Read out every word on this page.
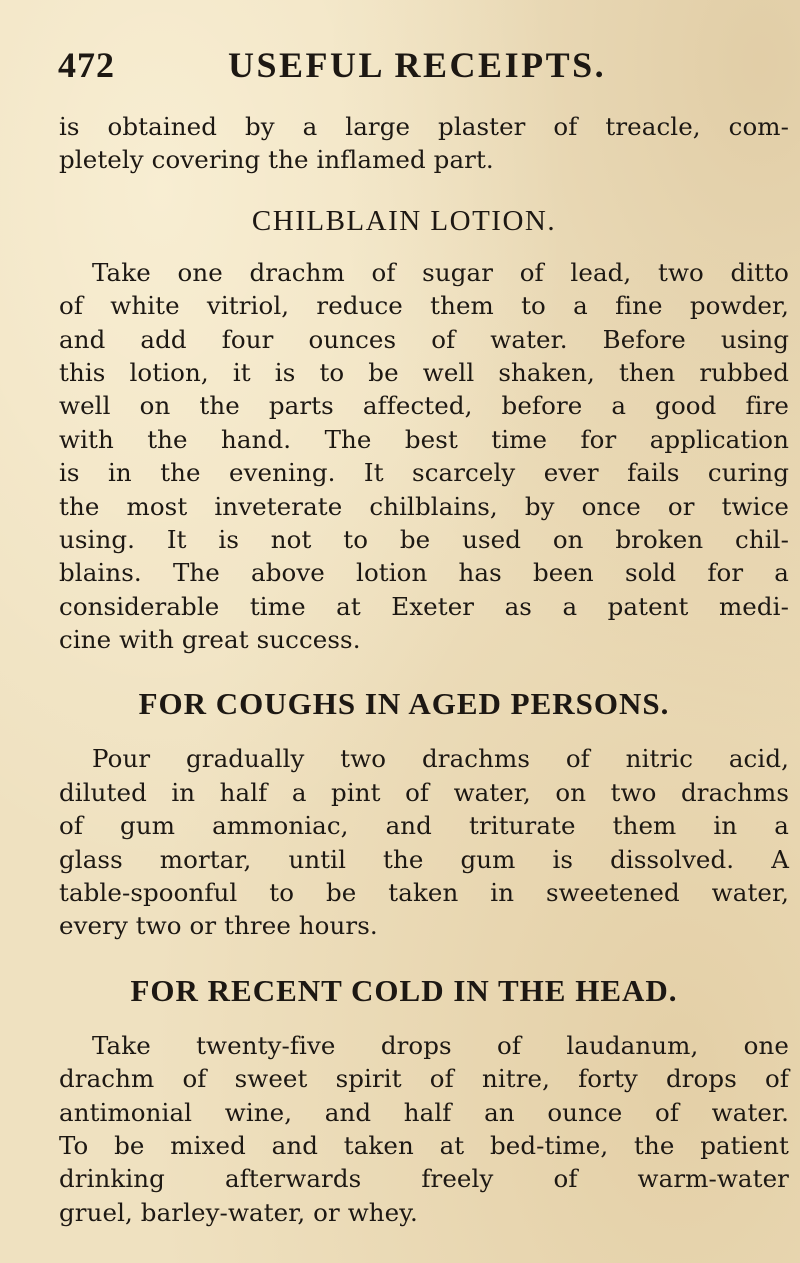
472	USEFUL RECEIPTS.
is obtained by a large plaster of treacle, com-
pletely covering the inflamed part.
CHILBLAIN LOTION.
Take one drachm of sugar of lead, two ditto
of white vitriol, reduce them to a fine powder,
and add four ounces of water. Before using
this lotion, it is to be well shaken, then rubbed
well on the parts affected, before a good fire
with the hand. The best time for application
is in the evening. It scarcely ever fails curing
the most inveterate chilblains, by once or twice
using. It is not to be used on broken chil-
blains. The above lotion has been sold for a
considerable time at Exeter as a patent medi-
cine with great success.
FOR COUGHS IN AGED PERSONS.
Pour gradually two drachms of nitric acid,
diluted in half a pint of water, on two drachms
of gum ammoniac, and triturate them in a
glass mortar, until the gum is dissolved. A
table-spoonful to be taken in sweetened water,
every two or three hours.
FOR RECENT COLD IN THE HEAD.
Take twenty-five drops of laudanum, one
drachm of sweet spirit of nitre, forty drops of
antimonial wine, and half an ounce of water.
To be mixed and taken at bed-time, the patient
drinking afterwards freely of warm-water
gruel, barley-water, or whey.
